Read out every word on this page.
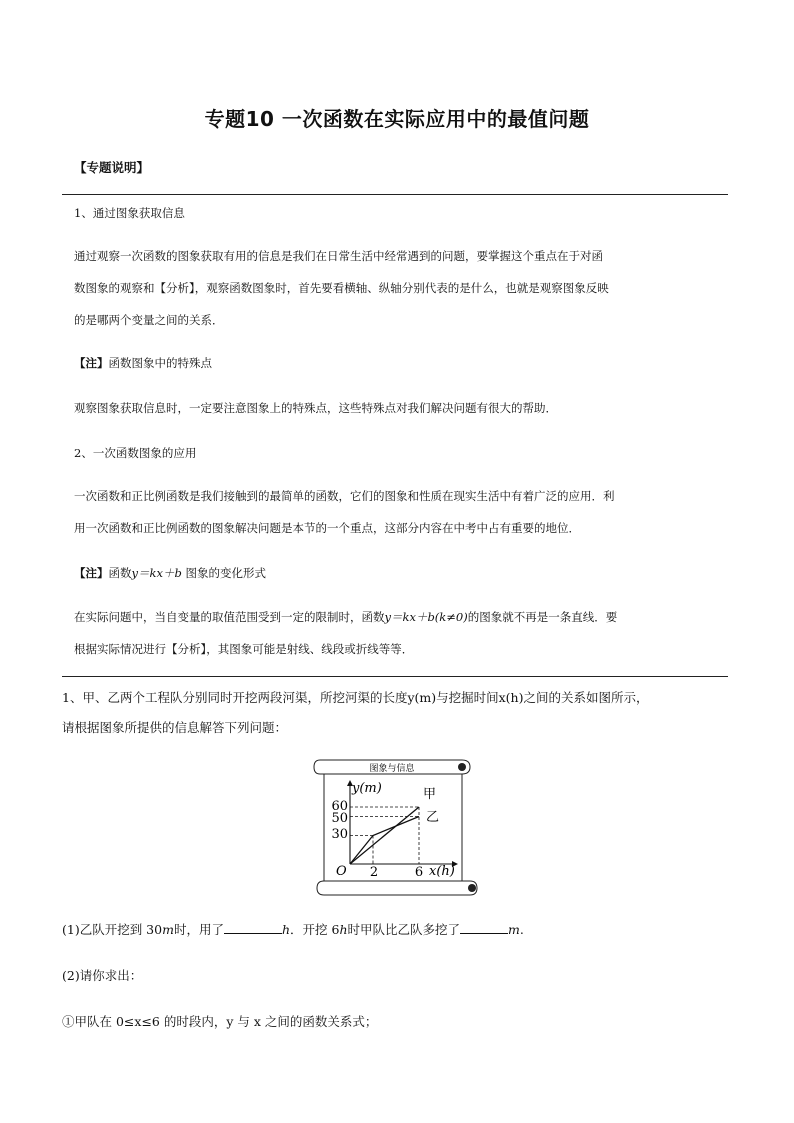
专题10 一次函数在实际应用中的最值问题
【专题说明】
1、通过图象获取信息
通过观察一次函数的图象获取有用的信息是我们在日常生活中经常遇到的问题，要掌握这个重点在于对函
数图象的观察和【分析】，观察函数图象时，首先要看横轴、纵轴分别代表的是什么，也就是观察图象反映
的是哪两个变量之间的关系．
【注】函数图象中的特殊点
观察图象获取信息时，一定要注意图象上的特殊点，这些特殊点对我们解决问题有很大的帮助．
2、一次函数图象的应用
一次函数和正比例函数是我们接触到的最简单的函数，它们的图象和性质在现实生活中有着广泛的应用．利
用一次函数和正比例函数的图象解决问题是本节的一个重点，这部分内容在中考中占有重要的地位．
【注】函数y＝kx＋b 图象的变化形式
在实际问题中，当自变量的取值范围受到一定的限制时，函数y＝kx＋b(k≠0)的图象就不再是一条直线．要
根据实际情况进行【分析】，其图象可能是射线、线段或折线等等．
1、甲、乙两个工程队分别同时开挖两段河渠，所挖河渠的长度y(m)与挖掘时间x(h)之间的关系如图所示，
请根据图象所提供的信息解答下列问题：
图象与信息
y(m)
x(h)
O
60
50
30
2	6
甲
乙
(1)乙队开挖到 30m时，用了	h．开挖 6h时甲队比乙队多挖了	m.
(2)请你求出：
①甲队在 0≤x≤6 的时段内，y 与 x 之间的函数关系式；
